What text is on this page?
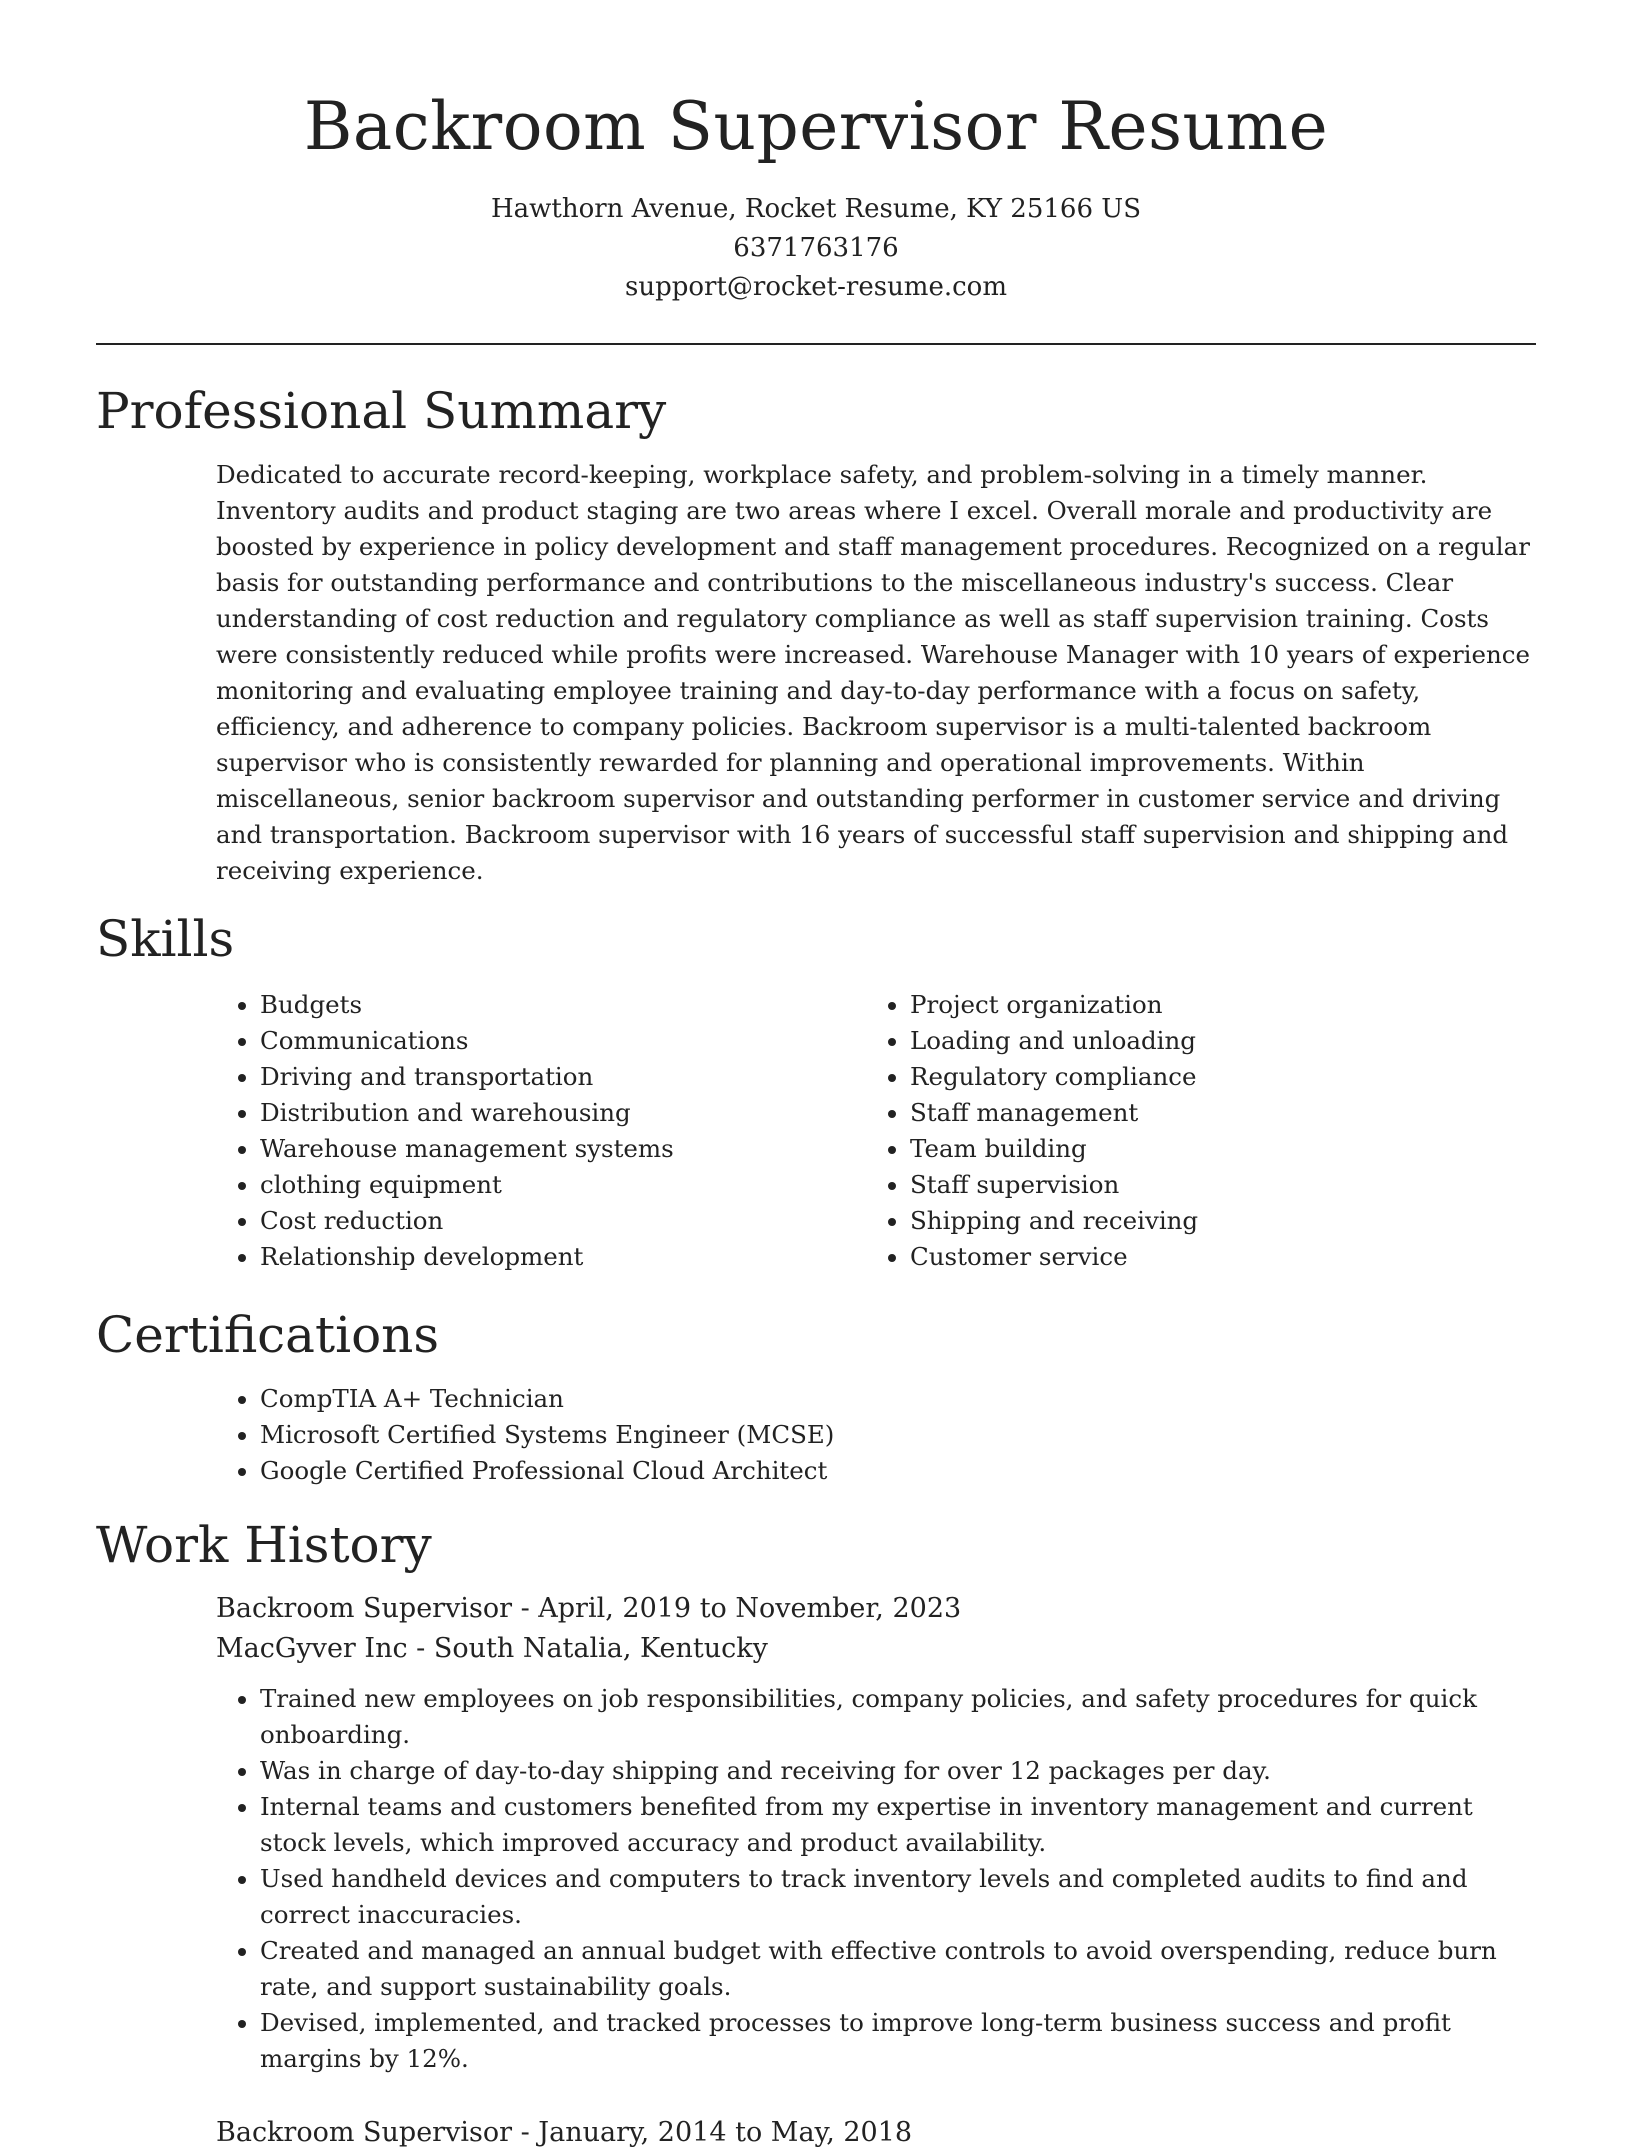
Backroom Supervisor Resume
Hawthorn Avenue, Rocket Resume, KY 25166 US
6371763176
support@rocket-resume.com
Professional Summary
Dedicated to accurate record-keeping, workplace safety, and problem-solving in a timely manner. Inventory audits and product staging are two areas where I excel. Overall morale and productivity are boosted by experience in policy development and staff management procedures. Recognized on a regular basis for outstanding performance and contributions to the miscellaneous industry's success. Clear understanding of cost reduction and regulatory compliance as well as staff supervision training. Costs were consistently reduced while profits were increased. Warehouse Manager with 10 years of experience monitoring and evaluating employee training and day-to-day performance with a focus on safety, efficiency, and adherence to company policies. Backroom supervisor is a multi-talented backroom supervisor who is consistently rewarded for planning and operational improvements. Within miscellaneous, senior backroom supervisor and outstanding performer in customer service and driving and transportation. Backroom supervisor with 16 years of successful staff supervision and shipping and receiving experience.
Skills
• Budgets
• Communications
• Driving and transportation
• Distribution and warehousing
• Warehouse management systems
• clothing equipment
• Cost reduction
• Relationship development
• Project organization
• Loading and unloading
• Regulatory compliance
• Staff management
• Team building
• Staff supervision
• Shipping and receiving
• Customer service
Certifications
• CompTIA A+ Technician
• Microsoft Certified Systems Engineer (MCSE)
• Google Certified Professional Cloud Architect
Work History
Backroom Supervisor - April, 2019 to November, 2023
MacGyver Inc - South Natalia, Kentucky
• Trained new employees on job responsibilities, company policies, and safety procedures for quick onboarding.
• Was in charge of day-to-day shipping and receiving for over 12 packages per day.
• Internal teams and customers benefited from my expertise in inventory management and current stock levels, which improved accuracy and product availability.
• Used handheld devices and computers to track inventory levels and completed audits to find and correct inaccuracies.
• Created and managed an annual budget with effective controls to avoid overspending, reduce burn rate, and support sustainability goals.
• Devised, implemented, and tracked processes to improve long-term business success and profit margins by 12%.
Backroom Supervisor - January, 2014 to May, 2018
